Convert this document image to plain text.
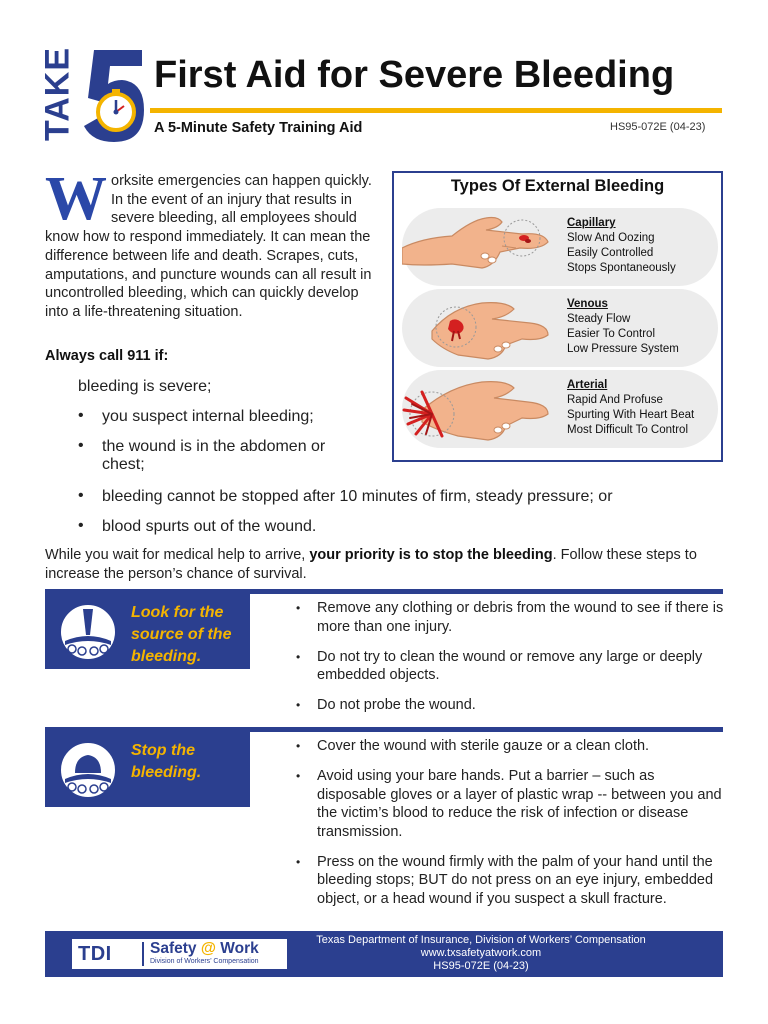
TAKE First Aid for Severe Bleeding
A 5-Minute Safety Training Aid	HS95-072E (04-23)
Worksite emergencies can happen quickly. In the event of an injury that results in severe bleeding, all employees should know how to respond immediately. It can mean the difference between life and death. Scrapes, cuts, amputations, and puncture wounds can all result in uncontrolled bleeding, which can quickly develop into a life-threatening situation.
Always call 911 if:
bleeding is severe;
Types Of External Bleeding
Capillary
Slow And Oozing
Easily Controlled
Stops Spontaneously
Venous
Steady Flow
Easier To Control
Low Pressure System
Arterial
Rapid And Profuse
Spurting With Heart Beat
Most Difficult To Control
•	you suspect internal bleeding;
•	the wound is in the abdomen or chest;
•	bleeding cannot be stopped after 10 minutes of firm, steady pressure; or
•	blood spurts out of the wound.
While you wait for medical help to arrive, your priority is to stop the bleeding. Follow these steps to increase the person’s chance of survival.
Look for the
source of the
bleeding.
• Remove any clothing or debris from the wound to see if there is more than one injury.
• Do not try to clean the wound or remove any large or deeply embedded objects.
• Do not probe the wound.
Stop the
bleeding.
• Cover the wound with sterile gauze or a clean cloth.
• Avoid using your bare hands. Put a barrier – such as disposable gloves or a layer of plastic wrap -- between you and the victim’s blood to reduce the risk of infection or disease transmission.
• Press on the wound firmly with the palm of your hand until the bleeding stops; BUT do not press on an eye injury, embedded object, or a head wound if you suspect a skull fracture.
TDI Safety @ Work
Division of Workers’ Compensation
Texas Department of Insurance, Division of Workers’ Compensation
www.txsafetyatwork.com
HS95-072E (04-23)
